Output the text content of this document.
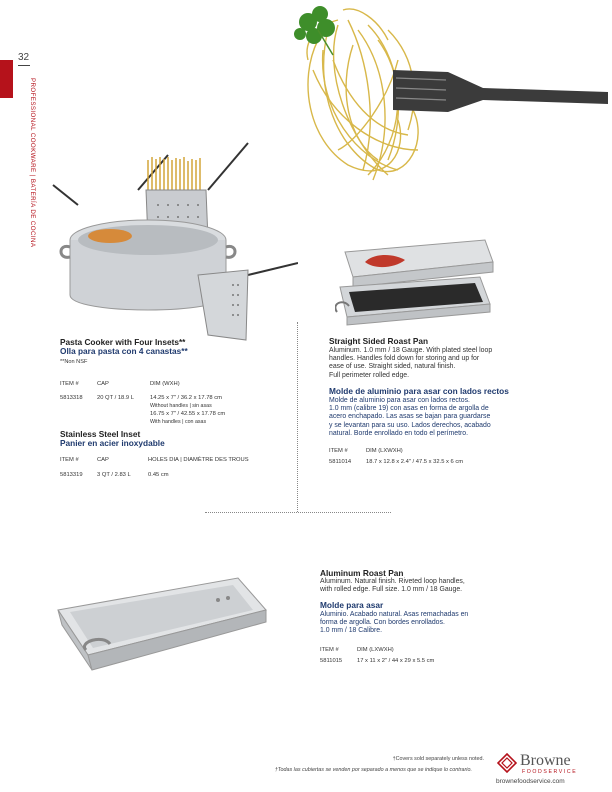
32
PROFESSIONAL COOKWARE | BATERÍA DE COCINA
Pasta Cooker with Four Insets**
Olla para pasta con 4 canastas**
**Non NSF
ITEM #	CAP	DIM (WXH)
5813318 20 QT / 18.9 L	14.25 x 7" / 36.2 x 17.78 cm
Without handles | sin asas
16.75 x 7" / 42.55 x 17.78 cm
With handles | con asas
Stainless Steel Inset
Panier en acier inoxydable
ITEM #	CAP	HOLES DIA | DIAMÈTRE DES TROUS
5813319 3 QT / 2.83 L	0.45 cm
Straight Sided Roast Pan
Aluminum. 1.0 mm / 18 Gauge. With plated steel loop
handles. Handles fold down for storing and up for
ease of use. Straight sided, natural finish.
Full perimeter rolled edge.
Molde de aluminio para asar con lados rectos
Molde de aluminio para asar con lados rectos.
1.0 mm (calibre 19) con asas en forma de argolla de
acero enchapado. Las asas se bajan para guardarse
y se levantan para su uso. Lados derechos, acabado
natural. Borde enrollado en todo el perímetro.
ITEM #	DIM (LXWXH)
5811014	18.7 x 12.8 x 2.4" / 47.5 x 32.5 x 6 cm
Aluminum Roast Pan
Aluminum. Natural finish. Riveted loop handles,
with rolled edge. Full size. 1.0 mm / 18 Gauge.
Molde para asar
Aluminio. Acabado natural. Asas remachadas en
forma de argolla. Con bordes enrollados.
1.0 mm / 18 Calibre.
ITEM #	DIM (LXWXH)
5811015	17 x 11 x 2" / 44 x 29 x 5.5 cm
†Covers sold separately unless noted.
†Todas las cubiertas se venden por separado a menos que se indique lo contrario.
Browne
FOODSERVICE
brownefoodservice.com
